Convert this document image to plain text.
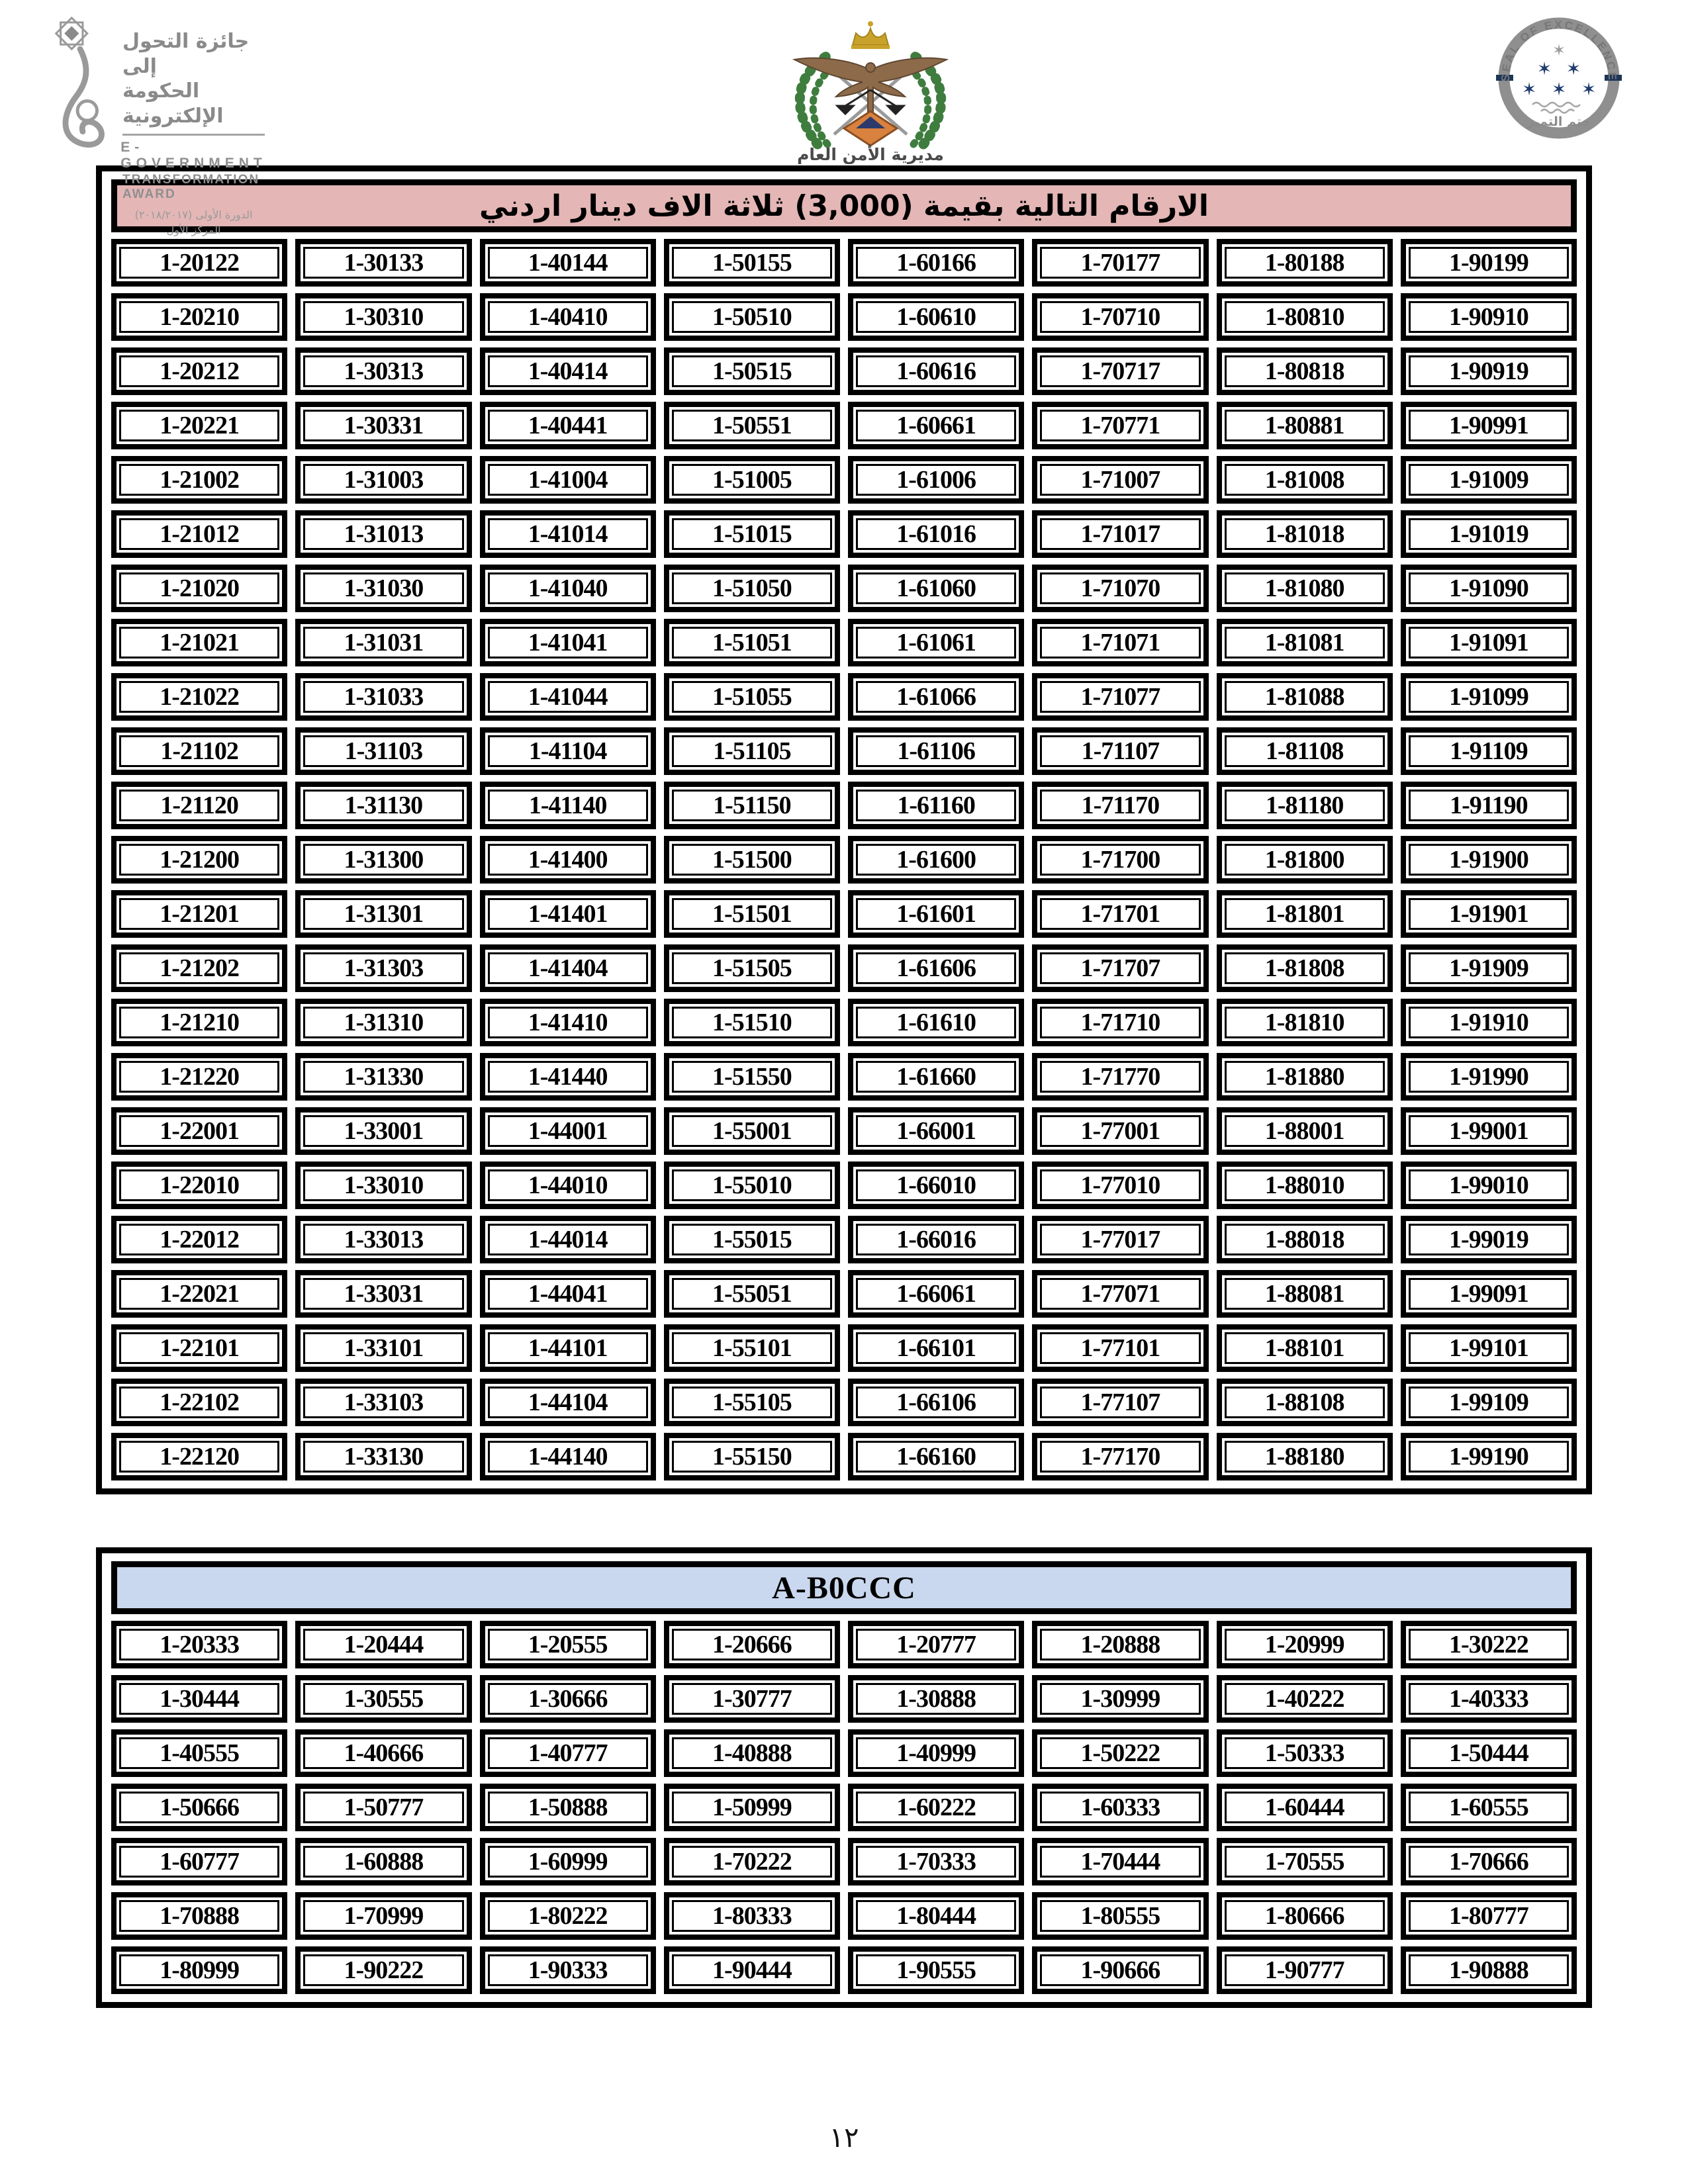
جائزة التحول إلى
الحكومة الإلكترونية
E-GOVERNMENT
TRANSFORMATION AWARD
الدورة الأولى (٢٠١٨/٢٠١٧)
المركز الأول
مديرية الأمن العام
SEAL OF EXCELLENCE
✶
✶ ✶
✶ ✶ ✶
ختم التميز
الارقام التالية بقيمة (3,000) ثلاثة الاف دينار اردني
1-20122	1-30133	1-40144	1-50155	1-60166	1-70177	1-80188	1-90199
1-20210	1-30310	1-40410	1-50510	1-60610	1-70710	1-80810	1-90910
1-20212	1-30313	1-40414	1-50515	1-60616	1-70717	1-80818	1-90919
1-20221	1-30331	1-40441	1-50551	1-60661	1-70771	1-80881	1-90991
1-21002	1-31003	1-41004	1-51005	1-61006	1-71007	1-81008	1-91009
1-21012	1-31013	1-41014	1-51015	1-61016	1-71017	1-81018	1-91019
1-21020	1-31030	1-41040	1-51050	1-61060	1-71070	1-81080	1-91090
1-21021	1-31031	1-41041	1-51051	1-61061	1-71071	1-81081	1-91091
1-21022	1-31033	1-41044	1-51055	1-61066	1-71077	1-81088	1-91099
1-21102	1-31103	1-41104	1-51105	1-61106	1-71107	1-81108	1-91109
1-21120	1-31130	1-41140	1-51150	1-61160	1-71170	1-81180	1-91190
1-21200	1-31300	1-41400	1-51500	1-61600	1-71700	1-81800	1-91900
1-21201	1-31301	1-41401	1-51501	1-61601	1-71701	1-81801	1-91901
1-21202	1-31303	1-41404	1-51505	1-61606	1-71707	1-81808	1-91909
1-21210	1-31310	1-41410	1-51510	1-61610	1-71710	1-81810	1-91910
1-21220	1-31330	1-41440	1-51550	1-61660	1-71770	1-81880	1-91990
1-22001	1-33001	1-44001	1-55001	1-66001	1-77001	1-88001	1-99001
1-22010	1-33010	1-44010	1-55010	1-66010	1-77010	1-88010	1-99010
1-22012	1-33013	1-44014	1-55015	1-66016	1-77017	1-88018	1-99019
1-22021	1-33031	1-44041	1-55051	1-66061	1-77071	1-88081	1-99091
1-22101	1-33101	1-44101	1-55101	1-66101	1-77101	1-88101	1-99101
1-22102	1-33103	1-44104	1-55105	1-66106	1-77107	1-88108	1-99109
1-22120	1-33130	1-44140	1-55150	1-66160	1-77170	1-88180	1-99190
A-B0CCC
1-20333	1-20444	1-20555	1-20666	1-20777	1-20888	1-20999	1-30222
1-30444	1-30555	1-30666	1-30777	1-30888	1-30999	1-40222	1-40333
1-40555	1-40666	1-40777	1-40888	1-40999	1-50222	1-50333	1-50444
1-50666	1-50777	1-50888	1-50999	1-60222	1-60333	1-60444	1-60555
1-60777	1-60888	1-60999	1-70222	1-70333	1-70444	1-70555	1-70666
1-70888	1-70999	1-80222	1-80333	1-80444	1-80555	1-80666	1-80777
1-80999	1-90222	1-90333	1-90444	1-90555	1-90666	1-90777	1-90888
١٢
